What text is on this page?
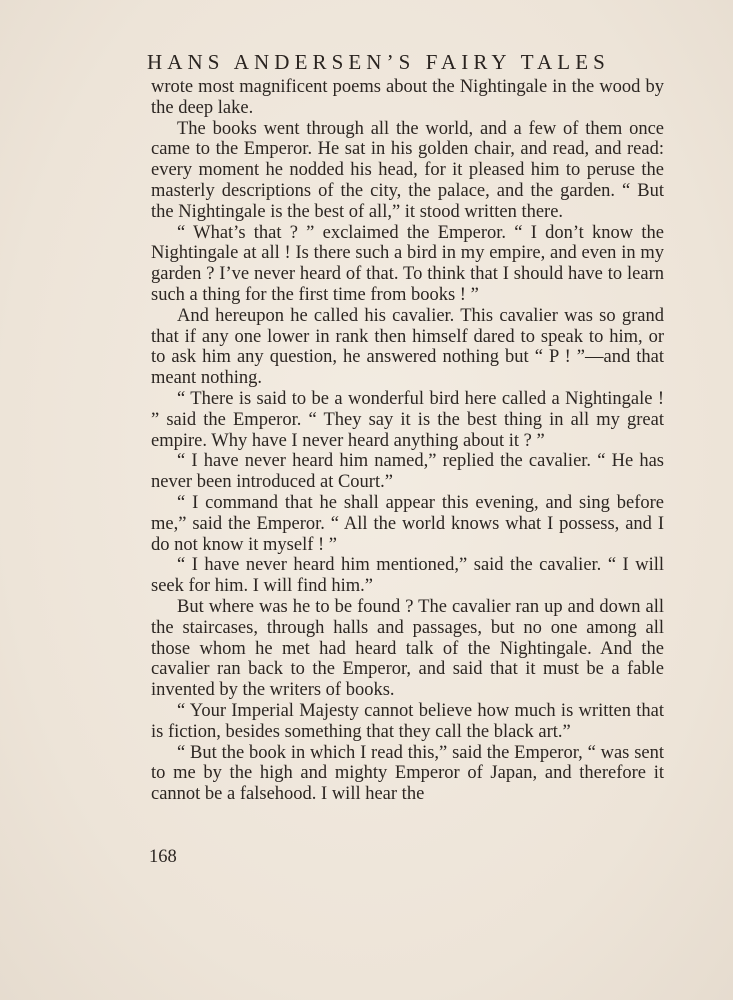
HANS ANDERSEN’S FAIRY TALES

wrote most magnificent poems about the Nightingale in the wood by the deep lake.

The books went through all the world, and a few of them once came to the Emperor. He sat in his golden chair, and read, and read: every moment he nodded his head, for it pleased him to peruse the masterly descriptions of the city, the palace, and the garden. “ But the Nightingale is the best of all,” it stood written there.

“ What’s that ? ” exclaimed the Emperor. “ I don’t know the Nightingale at all ! Is there such a bird in my empire, and even in my garden ? I’ve never heard of that. To think that I should have to learn such a thing for the first time from books ! ”

And hereupon he called his cavalier. This cavalier was so grand that if any one lower in rank then himself dared to speak to him, or to ask him any question, he answered nothing but “ P ! ”—and that meant nothing.

“ There is said to be a wonderful bird here called a Nightingale ! ” said the Emperor. “ They say it is the best thing in all my great empire. Why have I never heard anything about it ? ”

“ I have never heard him named,” replied the cavalier. “ He has never been introduced at Court.”

“ I command that he shall appear this evening, and sing before me,” said the Emperor. “ All the world knows what I possess, and I do not know it myself ! ”

“ I have never heard him mentioned,” said the cavalier. “ I will seek for him. I will find him.”

But where was he to be found ? The cavalier ran up and down all the staircases, through halls and passages, but no one among all those whom he met had heard talk of the Nightingale. And the cavalier ran back to the Emperor, and said that it must be a fable invented by the writers of books.

“ Your Imperial Majesty cannot believe how much is written that is fiction, besides something that they call the black art.”

“ But the book in which I read this,” said the Emperor, “ was sent to me by the high and mighty Emperor of Japan, and therefore it cannot be a falsehood. I will hear the

168
